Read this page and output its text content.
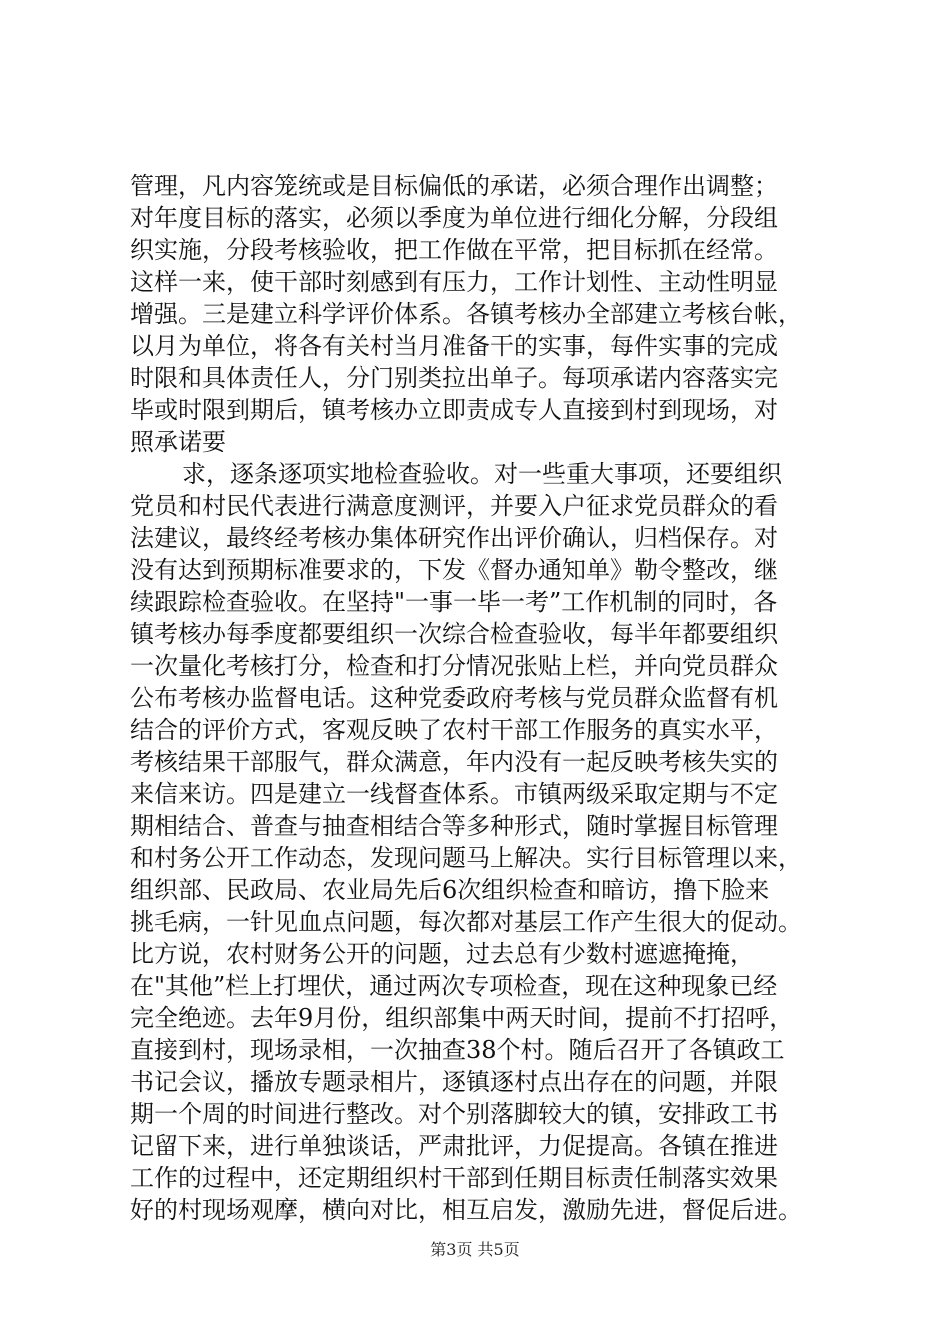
管理，凡内容笼统或是目标偏低的承诺，必须合理作出调整；
对年度目标的落实，必须以季度为单位进行细化分解，分段组
织实施，分段考核验收，把工作做在平常，把目标抓在经常。
这样一来，使干部时刻感到有压力，工作计划性、主动性明显
增强。三是建立科学评价体系。各镇考核办全部建立考核台帐，
以月为单位，将各有关村当月准备干的实事，每件实事的完成
时限和具体责任人，分门别类拉出单子。每项承诺内容落实完
毕或时限到期后，镇考核办立即责成专人直接到村到现场，对
照承诺要
求，逐条逐项实地检查验收。对一些重大事项，还要组织
党员和村民代表进行满意度测评，并要入户征求党员群众的看
法建议，最终经考核办集体研究作出评价确认，归档保存。对
没有达到预期标准要求的，下发《督办通知单》勒令整改，继
续跟踪检查验收。在坚持"一事一毕一考”工作机制的同时，各
镇考核办每季度都要组织一次综合检查验收，每半年都要组织
一次量化考核打分，检查和打分情况张贴上栏，并向党员群众
公布考核办监督电话。这种党委政府考核与党员群众监督有机
结合的评价方式，客观反映了农村干部工作服务的真实水平，
考核结果干部服气，群众满意，年内没有一起反映考核失实的
来信来访。四是建立一线督查体系。市镇两级采取定期与不定
期相结合、普查与抽查相结合等多种形式，随时掌握目标管理
和村务公开工作动态，发现问题马上解决。实行目标管理以来，
组织部、民政局、农业局先后6次组织检查和暗访，撸下脸来
挑毛病，一针见血点问题，每次都对基层工作产生很大的促动。
比方说，农村财务公开的问题，过去总有少数村遮遮掩掩，
在"其他”栏上打埋伏，通过两次专项检查，现在这种现象已经
完全绝迹。去年9月份，组织部集中两天时间，提前不打招呼，
直接到村，现场录相，一次抽查38个村。随后召开了各镇政工
书记会议，播放专题录相片，逐镇逐村点出存在的问题，并限
期一个周的时间进行整改。对个别落脚较大的镇，安排政工书
记留下来，进行单独谈话，严肃批评，力促提高。各镇在推进
工作的过程中，还定期组织村干部到任期目标责任制落实效果
好的村现场观摩，横向对比，相互启发，激励先进，督促后进。
第3页 共5页
